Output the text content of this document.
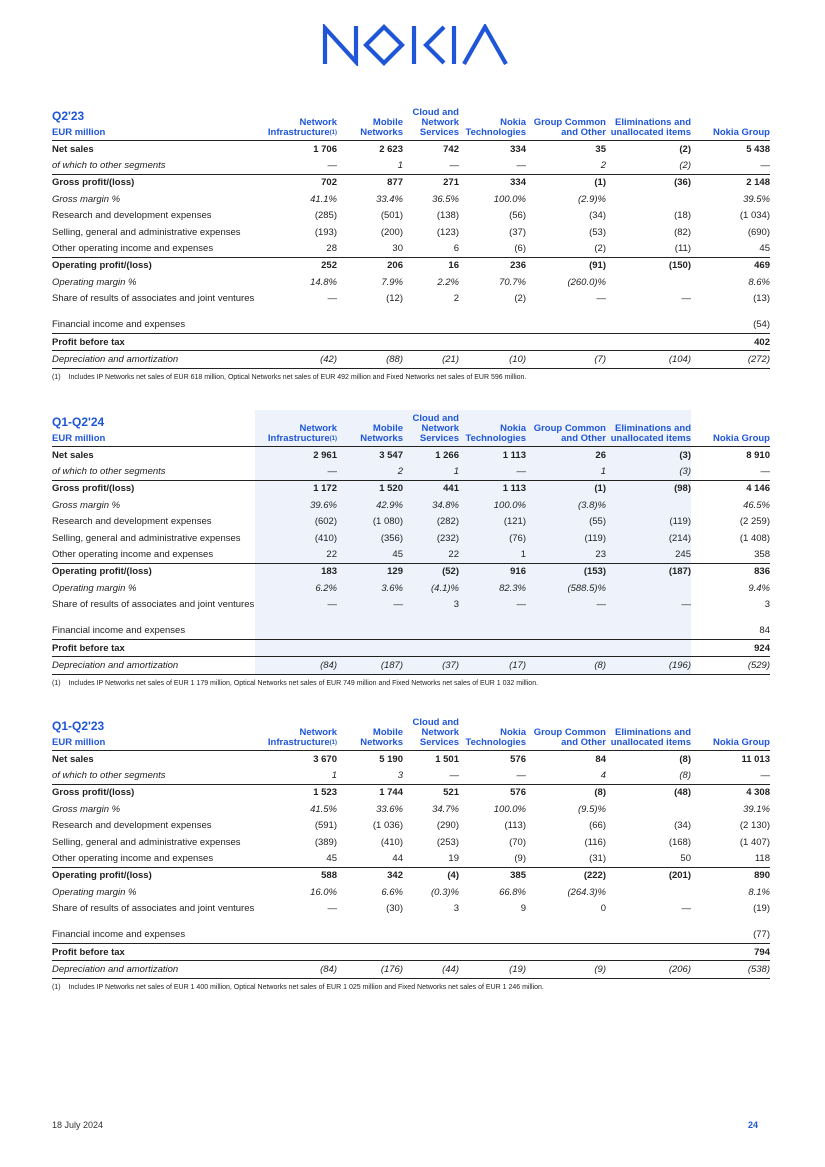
Q2'23
EUR million	Network Infrastructure$^{(1)}$	Mobile Networks	Cloud and Network Services	Nokia Technologies	Group Common and Other	Eliminations and unallocated items	Nokia Group
Net sales	1 706	2 623	742	334	35	(2)	5 438
of which to other segments	—	1	—	—	2	(2)	—
Gross profit/(loss)	702	877	271	334	(1)	(36)	2 148
Gross margin %	41.1%	33.4%	36.5%	100.0%	(2.9)%		39.5%
Research and development expenses	(285)	(501)	(138)	(56)	(34)	(18)	(1 034)
Selling, general and administrative expenses	(193)	(200)	(123)	(37)	(53)	(82)	(690)
Other operating income and expenses	28	30	6	(6)	(2)	(11)	45
Operating profit/(loss)	252	206	16	236	(91)	(150)	469
Operating margin %	14.8%	7.9%	2.2%	70.7%	(260.0)%		8.6%
Share of results of associates and joint ventures	—	(12)	2	(2)	—	—	(13)
Financial income and expenses							(54)
Profit before tax							402
Depreciation and amortization	(42)	(88)	(21)	(10)	(7)	(104)	(272)
(1) Includes IP Networks net sales of EUR 618 million, Optical Networks net sales of EUR 492 million and Fixed Networks net sales of EUR 596 million.
Q1-Q2'24
EUR million	Network Infrastructure$^{(1)}$	Mobile Networks	Cloud and Network Services	Nokia Technologies	Group Common and Other	Eliminations and unallocated items	Nokia Group
Net sales	2 961	3 547	1 266	1 113	26	(3)	8 910
of which to other segments	—	2	1	—	1	(3)	—
Gross profit/(loss)	1 172	1 520	441	1 113	(1)	(98)	4 146
Gross margin %	39.6%	42.9%	34.8%	100.0%	(3.8)%		46.5%
Research and development expenses	(602)	(1 080)	(282)	(121)	(55)	(119)	(2 259)
Selling, general and administrative expenses	(410)	(356)	(232)	(76)	(119)	(214)	(1 408)
Other operating income and expenses	22	45	22	1	23	245	358
Operating profit/(loss)	183	129	(52)	916	(153)	(187)	836
Operating margin %	6.2%	3.6%	(4.1)%	82.3%	(588.5)%		9.4%
Share of results of associates and joint ventures	—	—	3	—	—	—	3
Financial income and expenses							84
Profit before tax							924
Depreciation and amortization	(84)	(187)	(37)	(17)	(8)	(196)	(529)
(1) Includes IP Networks net sales of EUR 1 179 million, Optical Networks net sales of EUR 749 million and Fixed Networks net sales of EUR 1 032 million.
Q1-Q2'23
EUR million	Network Infrastructure$^{(1)}$	Mobile Networks	Cloud and Network Services	Nokia Technologies	Group Common and Other	Eliminations and unallocated items	Nokia Group
Net sales	3 670	5 190	1 501	576	84	(8)	11 013
of which to other segments	1	3	—	—	4	(8)	—
Gross profit/(loss)	1 523	1 744	521	576	(8)	(48)	4 308
Gross margin %	41.5%	33.6%	34.7%	100.0%	(9.5)%		39.1%
Research and development expenses	(591)	(1 036)	(290)	(113)	(66)	(34)	(2 130)
Selling, general and administrative expenses	(389)	(410)	(253)	(70)	(116)	(168)	(1 407)
Other operating income and expenses	45	44	19	(9)	(31)	50	118
Operating profit/(loss)	588	342	(4)	385	(222)	(201)	890
Operating margin %	16.0%	6.6%	(0.3)%	66.8%	(264.3)%		8.1%
Share of results of associates and joint ventures	—	(30)	3	9	0	—	(19)
Financial income and expenses							(77)
Profit before tax							794
Depreciation and amortization	(84)	(176)	(44)	(19)	(9)	(206)	(538)
(1) Includes IP Networks net sales of EUR 1 400 million, Optical Networks net sales of EUR 1 025 million and Fixed Networks net sales of EUR 1 246 million.
18 July 2024	24
